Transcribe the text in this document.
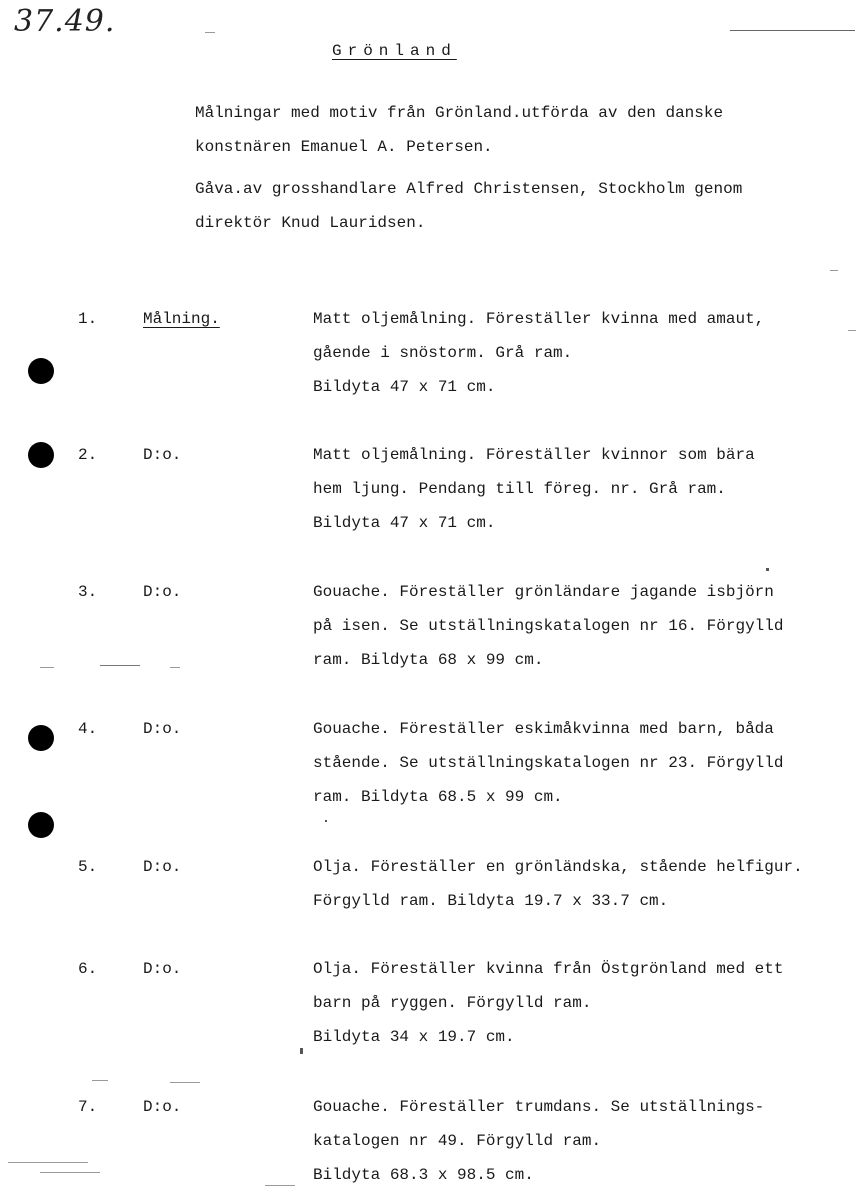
37.49.
Grönland
Målningar med motiv från Grönland.utförda av den danske
konstnären Emanuel A. Petersen.
Gåva.av grosshandlare Alfred Christensen, Stockholm genom
direktör Knud Lauridsen.
1.	Målning.	Matt oljemålning. Föreställer kvinna med amaut,
gående i snöstorm. Grå ram.
Bildyta 47 x 71 cm.
2.	D:o.	Matt oljemålning. Föreställer kvinnor som bära
hem ljung. Pendang till föreg. nr. Grå ram.
Bildyta 47 x 71 cm.
3.	D:o.	Gouache. Föreställer grönländare jagande isbjörn
på isen. Se utställningskatalogen nr 16. Förgylld
ram. Bildyta 68 x 99 cm.
4.	D:o.	Gouache. Föreställer eskimåkvinna med barn, båda
stående. Se utställningskatalogen nr 23. Förgylld
ram. Bildyta 68.5 x 99 cm.
5.	D:o.	Olja. Föreställer en grönländska, stående helfigur.
Förgylld ram. Bildyta 19.7 x 33.7 cm.
6.	D:o.	Olja. Föreställer kvinna från Östgrönland med ett
barn på ryggen. Förgylld ram.
Bildyta 34 x 19.7 cm.
7.	D:o.	Gouache. Föreställer trumdans. Se utställnings-
katalogen nr 49. Förgylld ram.
Bildyta 68.3 x 98.5 cm.
